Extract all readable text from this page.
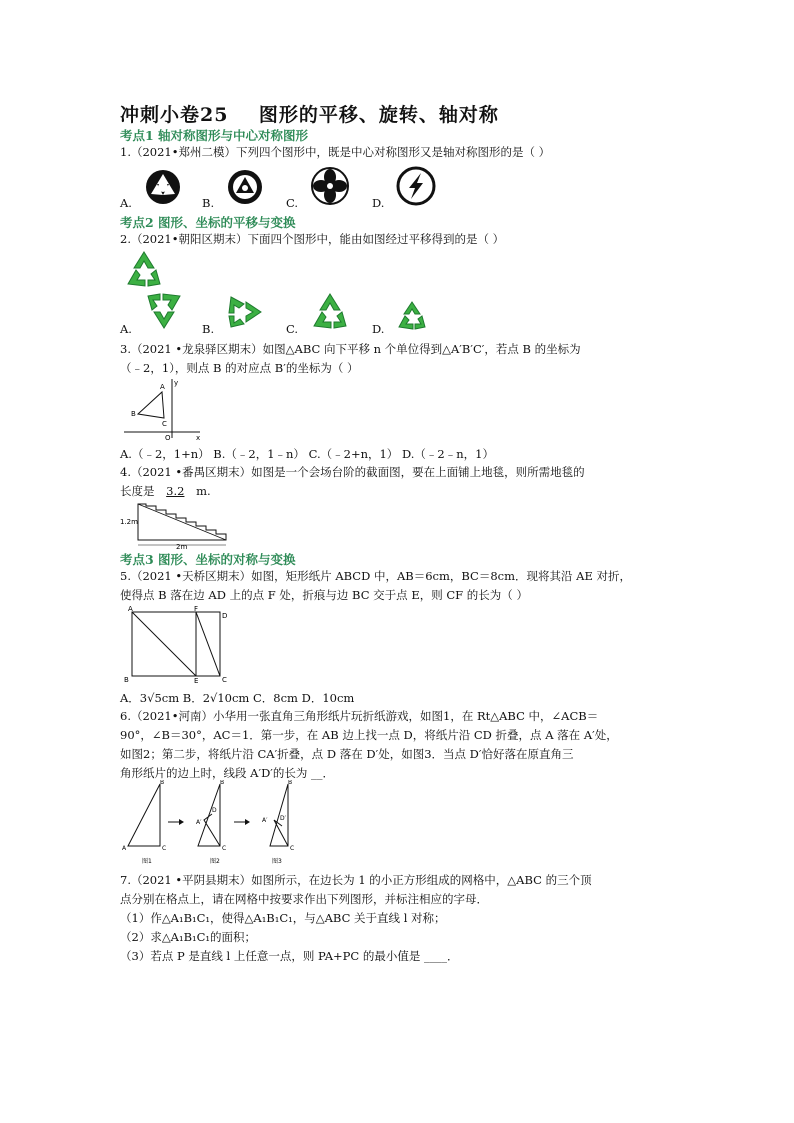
冲刺小卷25    图形的平移、旋转、轴对称
考点1 轴对称图形与中心对称图形
1.（2021•郑州二模）下列四个图形中，既是中心对称图形又是轴对称图形的是（ ）
A.	B.	C.	D.
考点2 图形、坐标的平移与变换
2.（2021•朝阳区期末）下面四个图形中，能由如图经过平移得到的是（ ）
A.	B.	C.	D.
3.（2021 •龙泉驿区期末）如图△ABC 向下平移 n 个单位得到△A′B′C′，若点 B 的坐标为
（﹣2，1），则点 B 的对应点 B′的坐标为（ ）
y
x
O
B
A
C
A.（﹣2，1+n） B.（﹣2，1﹣n） C.（﹣2+n，1） D.（﹣2﹣n，1）
4.（2021 •番禺区期末）如图是一个会场台阶的截面图，要在上面铺上地毯，则所需地毯的
长度是 3.2 m.
1.2m
2m
考点3 图形、坐标的对称与变换
5.（2021 •天桥区期末）如图，矩形纸片 ABCD 中，AB＝6cm，BC＝8cm．现将其沿 AE 对折，
使得点 B 落在边 AD 上的点 F 处，折痕与边 BC 交于点 E，则 CF 的长为（ ）
A	F
D
B	E	C
A．3√5cm B．2√10cm C．8cm D．10cm
6.（2021•河南）小华用一张直角三角形纸片玩折纸游戏，如图1，在 Rt△ABC 中，∠ACB＝
90°，∠B＝30°，AC＝1．第一步，在 AB 边上找一点 D，将纸片沿 CD 折叠，点 A 落在 A′处，
如图2；第二步，将纸片沿 CA′折叠，点 D 落在 D′处，如图3．当点 D′恰好落在原直角三
角形纸片的边上时，线段 A′D′的长为 __．
B
A	C
图1
B
A′
D
C
图2
B
A′ D′
C
图3
7.（2021 •平阴县期末）如图所示，在边长为 1 的小正方形组成的网格中，△ABC 的三个顶
点分别在格点上，请在网格中按要求作出下列图形，并标注相应的字母．
（1）作△A₁B₁C₁，使得△A₁B₁C₁，与△ABC 关于直线 l 对称；
（2）求△A₁B₁C₁的面积；
（3）若点 P 是直线 l 上任意一点，则 PA+PC 的最小值是 ____．
